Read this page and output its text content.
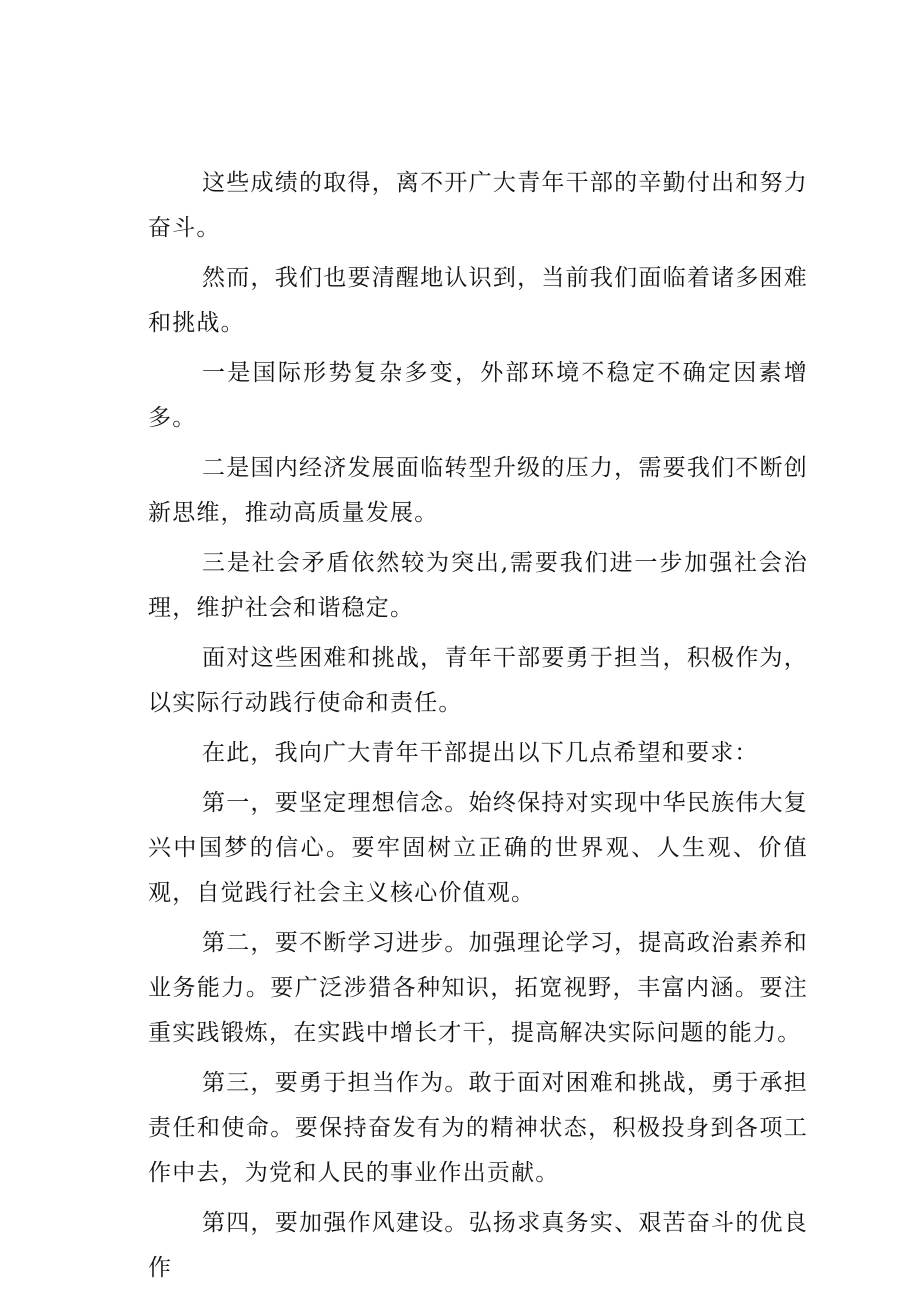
这些成绩的取得，离不开广大青年干部的辛勤付出和努力奋斗。

然而，我们也要清醒地认识到，当前我们面临着诸多困难和挑战。

一是国际形势复杂多变，外部环境不稳定不确定因素增多。

二是国内经济发展面临转型升级的压力，需要我们不断创新思维，推动高质量发展。

三是社会矛盾依然较为突出,需要我们进一步加强社会治理，维护社会和谐稳定。

面对这些困难和挑战，青年干部要勇于担当，积极作为，以实际行动践行使命和责任。

在此，我向广大青年干部提出以下几点希望和要求：

第一，要坚定理想信念。始终保持对实现中华民族伟大复兴中国梦的信心。要牢固树立正确的世界观、人生观、价值观，自觉践行社会主义核心价值观。

第二，要不断学习进步。加强理论学习，提高政治素养和业务能力。要广泛涉猎各种知识，拓宽视野，丰富内涵。要注重实践锻炼，在实践中增长才干，提高解决实际问题的能力。

第三，要勇于担当作为。敢于面对困难和挑战，勇于承担责任和使命。要保持奋发有为的精神状态，积极投身到各项工作中去，为党和人民的事业作出贡献。

第四，要加强作风建设。弘扬求真务实、艰苦奋斗的优良作
